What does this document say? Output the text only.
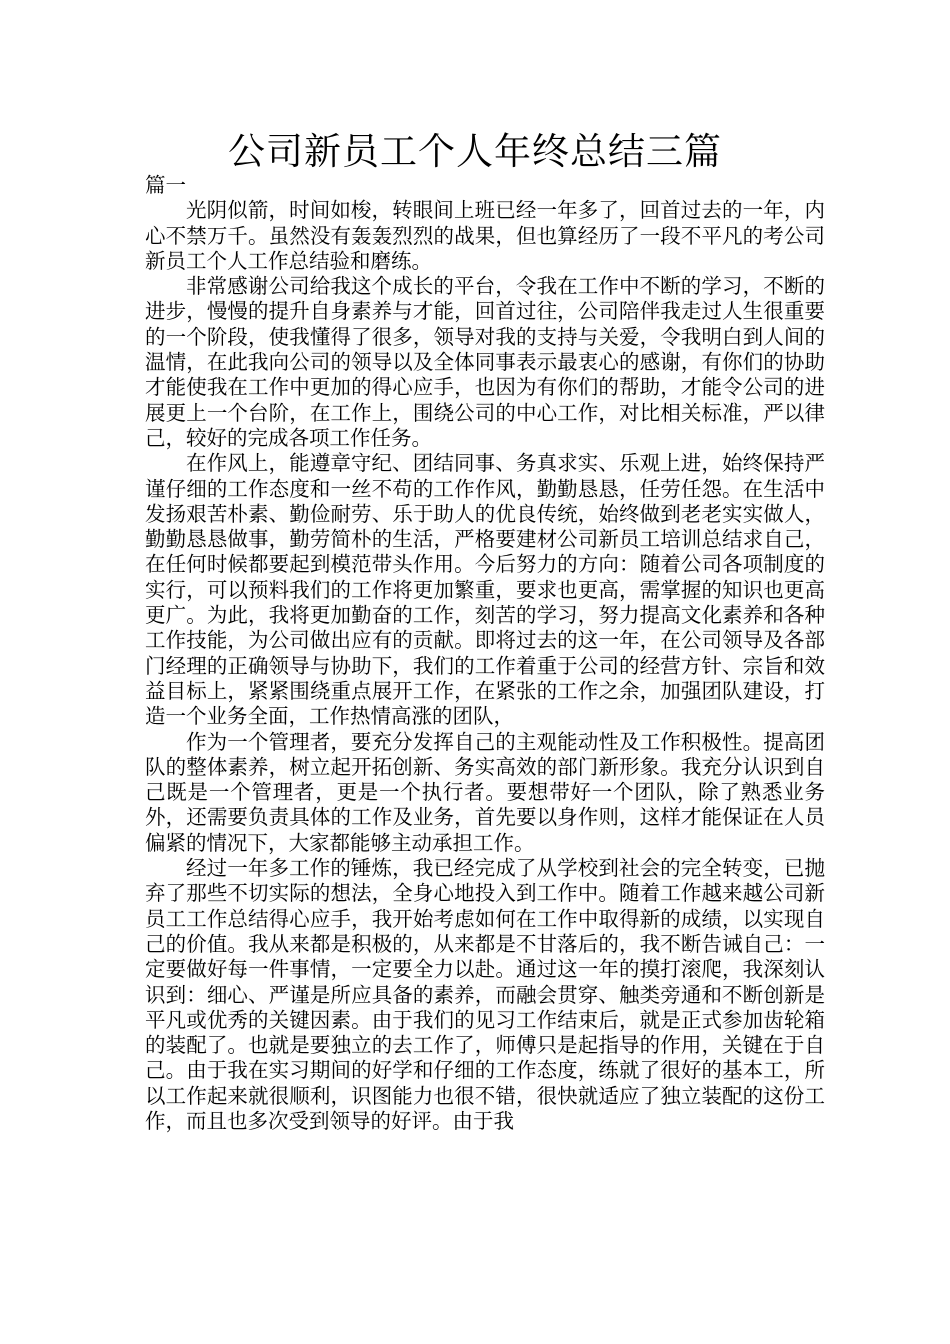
公司新员工个人年终总结三篇

篇一

光阴似箭，时间如梭，转眼间上班已经一年多了，回首过去的一年，内心不禁万千。虽然没有轰轰烈烈的战果，但也算经历了一段不平凡的考公司新员工个人工作总结验和磨练。

非常感谢公司给我这个成长的平台，令我在工作中不断的学习，不断的进步，慢慢的提升自身素养与才能，回首过往，公司陪伴我走过人生很重要的一个阶段，使我懂得了很多，领导对我的支持与关爱，令我明白到人间的温情，在此我向公司的领导以及全体同事表示最衷心的感谢，有你们的协助才能使我在工作中更加的得心应手，也因为有你们的帮助，才能令公司的进展更上一个台阶，在工作上，围绕公司的中心工作，对比相关标准，严以律己，较好的完成各项工作任务。

在作风上，能遵章守纪、团结同事、务真求实、乐观上进，始终保持严谨仔细的工作态度和一丝不苟的工作作风，勤勤恳恳，任劳任怨。在生活中发扬艰苦朴素、勤俭耐劳、乐于助人的优良传统，始终做到老老实实做人，勤勤恳恳做事，勤劳简朴的生活，严格要建材公司新员工培训总结求自己，在任何时候都要起到模范带头作用。今后努力的方向：随着公司各项制度的实行，可以预料我们的工作将更加繁重，要求也更高，需掌握的知识也更高更广。为此，我将更加勤奋的工作，刻苦的学习，努力提高文化素养和各种工作技能，为公司做出应有的贡献。即将过去的这一年，在公司领导及各部门经理的正确领导与协助下，我们的工作着重于公司的经营方针、宗旨和效益目标上，紧紧围绕重点展开工作，在紧张的工作之余，加强团队建设，打造一个业务全面，工作热情高涨的团队，

作为一个管理者，要充分发挥自己的主观能动性及工作积极性。提高团队的整体素养，树立起开拓创新、务实高效的部门新形象。我充分认识到自己既是一个管理者，更是一个执行者。要想带好一个团队，除了熟悉业务外，还需要负责具体的工作及业务，首先要以身作则，这样才能保证在人员偏紧的情况下，大家都能够主动承担工作。

经过一年多工作的锤炼，我已经完成了从学校到社会的完全转变，已抛弃了那些不切实际的想法，全身心地投入到工作中。随着工作越来越公司新员工工作总结得心应手，我开始考虑如何在工作中取得新的成绩，以实现自己的价值。我从来都是积极的，从来都是不甘落后的，我不断告诫自己：一定要做好每一件事情，一定要全力以赴。通过这一年的摸打滚爬，我深刻认识到：细心、严谨是所应具备的素养，而融会贯穿、触类旁通和不断创新是平凡或优秀的关键因素。由于我们的见习工作结束后，就是正式参加齿轮箱的装配了。也就是要独立的去工作了，师傅只是起指导的作用，关键在于自己。由于我在实习期间的好学和仔细的工作态度，练就了很好的基本工，所以工作起来就很顺利，识图能力也很不错，很快就适应了独立装配的这份工作，而且也多次受到领导的好评。由于我
